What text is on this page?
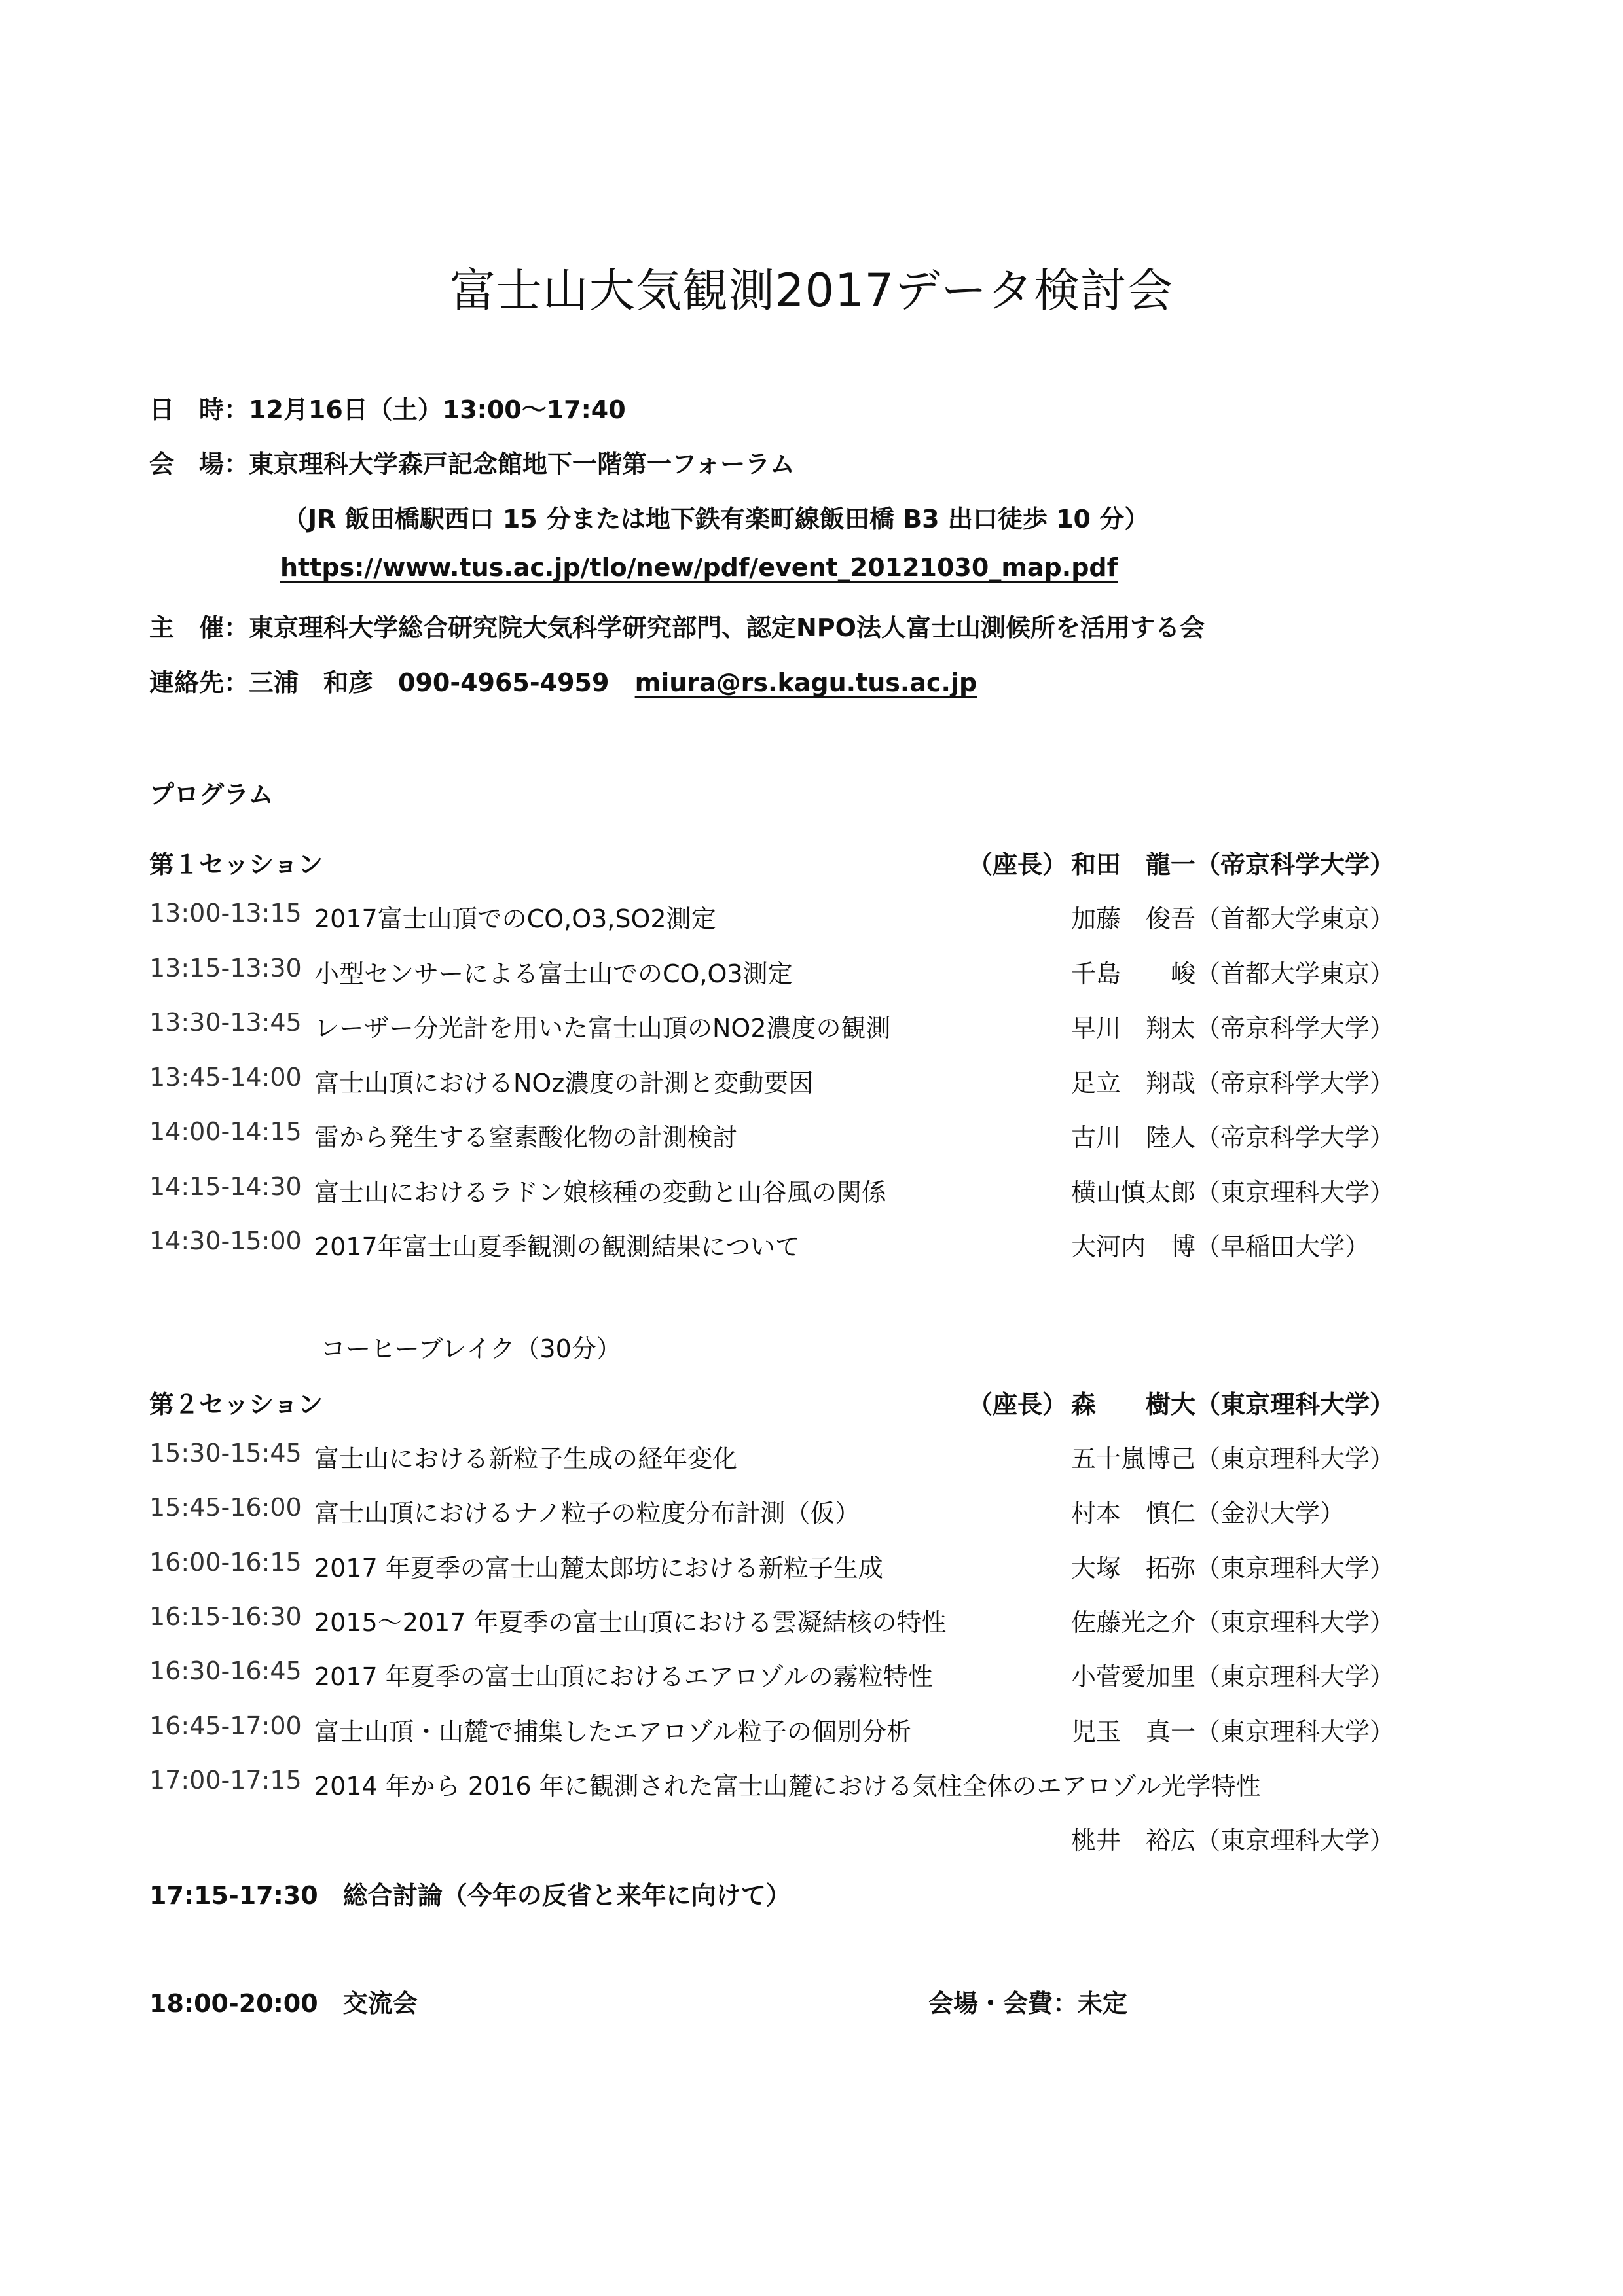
富士山大気観測2017データ検討会
日　時：12月16日（土）13:00〜17:40
会　場：東京理科大学森戸記念館地下一階第一フォーラム
（JR 飯田橋駅西口 15 分または地下鉄有楽町線飯田橋 B3 出口徒歩 10 分）
https://www.tus.ac.jp/tlo/new/pdf/event_20121030_map.pdf
主　催：東京理科大学総合研究院大気科学研究部門、認定NPO法人富士山測候所を活用する会
連絡先：三浦　和彦　090-4965-4959 miura@rs.kagu.tus.ac.jp
プログラム
第１セッション	（座長） 和田　龍一（帝京科学大学）
13:00-13:15 2017富士山頂でのCO,O3,SO2測定	加藤　俊吾（首都大学東京）
13:15-13:30 小型センサーによる富士山でのCO,O3測定	千島　　峻（首都大学東京）
13:30-13:45 レーザー分光計を用いた富士山頂のNO2濃度の観測	早川　翔太（帝京科学大学）
13:45-14:00 富士山頂におけるNOz濃度の計測と変動要因	足立　翔哉（帝京科学大学）
14:00-14:15 雷から発生する窒素酸化物の計測検討	古川　陸人（帝京科学大学）
14:15-14:30 富士山におけるラドン娘核種の変動と山谷風の関係	横山慎太郎（東京理科大学）
14:30-15:00 2017年富士山夏季観測の観測結果について	大河内　博（早稲田大学）
コーヒーブレイク（30分）
第２セッション	（座長） 森　　樹大（東京理科大学）
15:30-15:45 富士山における新粒子生成の経年変化	五十嵐博己（東京理科大学）
15:45-16:00 富士山頂におけるナノ粒子の粒度分布計測（仮）	村本　慎仁（金沢大学）
16:00-16:15 2017 年夏季の富士山麓太郎坊における新粒子生成	大塚　拓弥（東京理科大学）
16:15-16:30 2015〜2017 年夏季の富士山頂における雲凝結核の特性	佐藤光之介（東京理科大学）
16:30-16:45 2017 年夏季の富士山頂におけるエアロゾルの霧粒特性	小菅愛加里（東京理科大学）
16:45-17:00 富士山頂・山麓で捕集したエアロゾル粒子の個別分析	児玉　真一（東京理科大学）
17:00-17:15 2014 年から 2016 年に観測された富士山麓における気柱全体のエアロゾル光学特性
桃井　裕広（東京理科大学）
17:15-17:30　総合討論（今年の反省と来年に向けて）
18:00-20:00　交流会	会場・会費：未定
